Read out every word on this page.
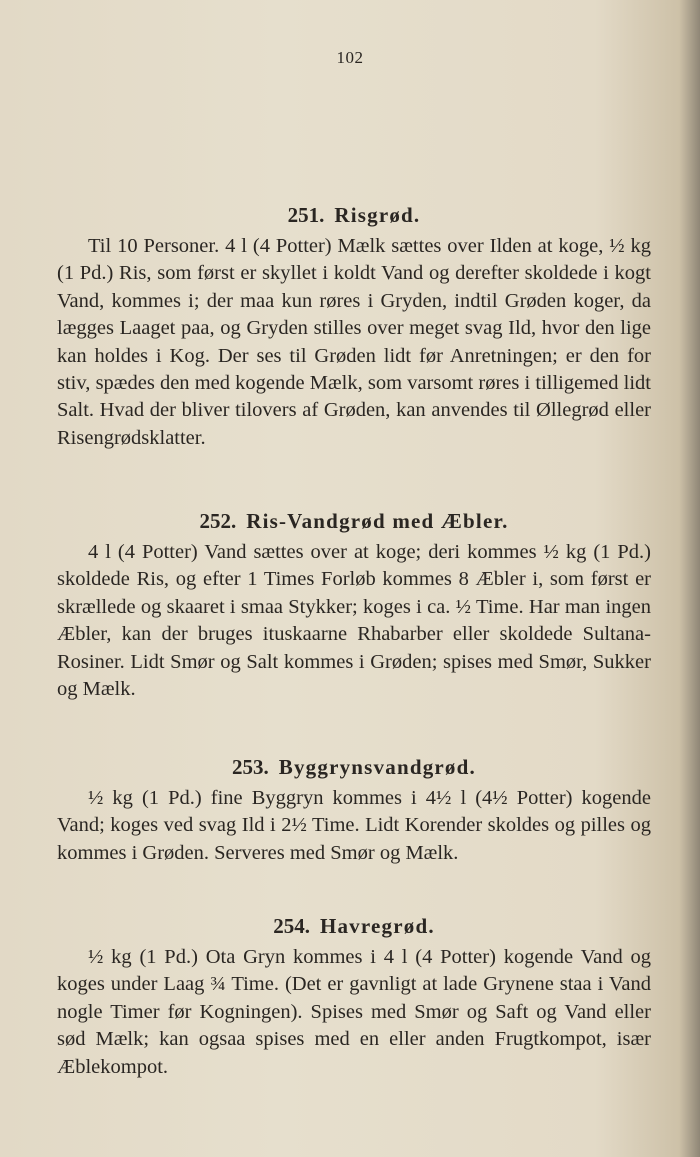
102
251. Risgrød.

Til 10 Personer. 4 l (4 Potter) Mælk sættes over Ilden at koge, ½ kg (1 Pd.) Ris, som først er skyllet i koldt Vand og derefter skoldede i kogt Vand, kommes i; der maa kun røres i Gryden, indtil Grøden koger, da lægges Laaget paa, og Gryden stilles over meget svag Ild, hvor den lige kan holdes i Kog. Der ses til Grøden lidt før Anretningen; er den for stiv, spædes den med kogende Mælk, som varsomt røres i tilligemed lidt Salt. Hvad der bliver tilovers af Grøden, kan anvendes til Øllegrød eller Risengrødsklatter.

252. Ris-Vandgrød med Æbler.

4 l (4 Potter) Vand sættes over at koge; deri kommes ½ kg (1 Pd.) skoldede Ris, og efter 1 Times Forløb kommes 8 Æbler i, som først er skrællede og skaaret i smaa Stykker; koges i ca. ½ Time. Har man ingen Æbler, kan der bruges ituskaarne Rhabarber eller skoldede Sultana-Rosiner. Lidt Smør og Salt kommes i Grøden; spises med Smør, Sukker og Mælk.

253. Byggrynsvandgrød.

½ kg (1 Pd.) fine Byggryn kommes i 4½ l (4½ Potter) kogende Vand; koges ved svag Ild i 2½ Time. Lidt Korender skoldes og pilles og kommes i Grøden. Serveres med Smør og Mælk.

254. Havregrød.

½ kg (1 Pd.) Ota Gryn kommes i 4 l (4 Potter) kogende Vand og koges under Laag ¾ Time. (Det er gavnligt at lade Grynene staa i Vand nogle Timer før Kogningen). Spises med Smør og Saft og Vand eller sød Mælk; kan ogsaa spises med en eller anden Frugtkompot, især Æblekompot.
